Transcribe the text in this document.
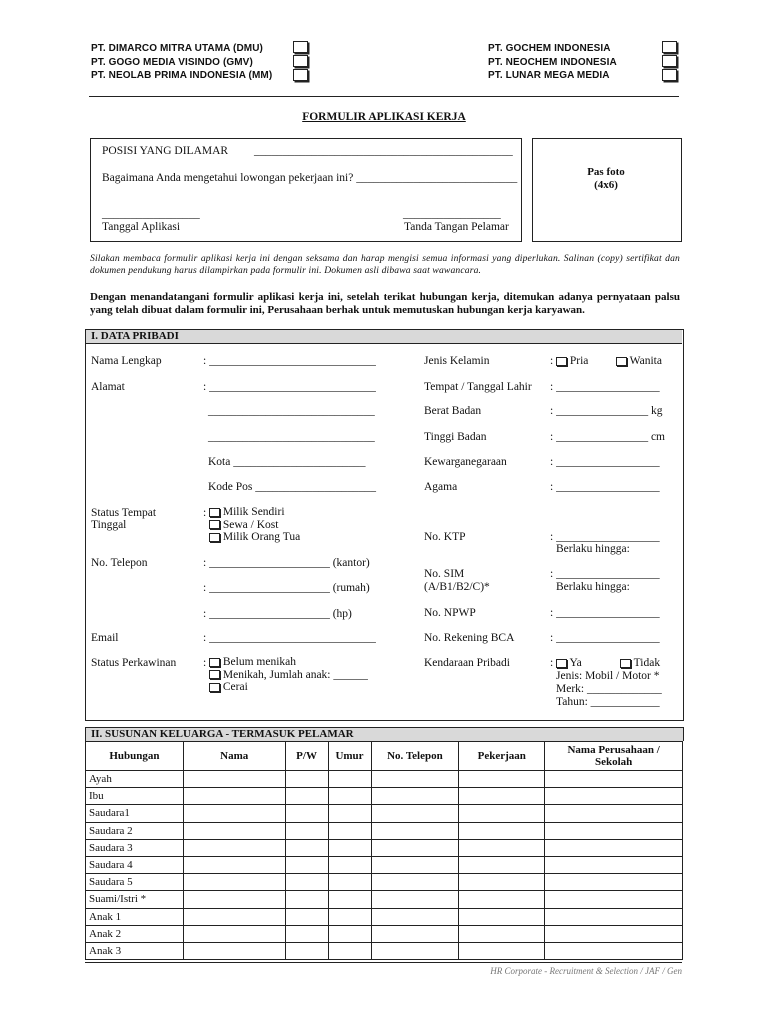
PT. DIMARCO MITRA UTAMA (DMU)
PT. GOGO MEDIA VISINDO (GMV)
PT. NEOLAB PRIMA INDONESIA (MM)
PT. GOCHEM INDONESIA
PT. NEOCHEM INDONESIA
PT. LUNAR MEGA MEDIA
FORMULIR APLIKASI KERJA
POSISI YANG DILAMAR _____________________________________________
Bagaimana Anda mengetahui lowongan pekerjaan ini? ____________________________
_________________
Tanggal Aplikasi
_________________
Tanda Tangan Pelamar
Pas foto
(4x6)
Silakan membaca formulir aplikasi kerja ini dengan seksama dan harap mengisi semua informasi yang diperlukan. Salinan (copy) sertifikat dan dokumen pendukung harus dilampirkan pada formulir ini. Dokumen asli dibawa saat wawancara.
Dengan menandatangani formulir aplikasi kerja ini, setelah terikat hubungan kerja, ditemukan adanya pernyataan palsu yang telah dibuat dalam formulir ini, Perusahaan berhak untuk memutuskan hubungan kerja karyawan.
I. DATA PRIBADI
Nama Lengkap	: _____________________________
Alamat	: _____________________________
_____________________________
_____________________________
Kota _______________________
Kode Pos _____________________
Status Tempat
Tinggal
:	Milik Sendiri
Sewa / Kost
Milik Orang Tua
No. Telepon	: _____________________ (kantor)
: _____________________ (rumah)
: _____________________ (hp)
Email	: _____________________________
Status Perkawinan :	Belum menikah
Menikah, Jumlah anak: ______
Cerai
Jenis Kelamin	:	Pria	Wanita
Tempat / Tanggal Lahir : __________________
Berat Badan	: ________________ kg
Tinggi Badan	: ________________ cm
Kewarganegaraan	: __________________
Agama	: __________________
No. KTP	: __________________
Berlaku hingga:
No. SIM
(A/B1/B2/C)*
: __________________
Berlaku hingga:
No. NPWP	: __________________
No. Rekening BCA	: __________________
Kendaraan Pribadi	:	Ya	Tidak
Jenis: Mobil / Motor *
Merk: _____________
Tahun: ____________
II. SUSUNAN KELUARGA - TERMASUK PELAMAR
Hubungan	Nama	P/W	Umur	No. Telepon	Pekerjaan	Nama Perusahaan / Sekolah
Ayah						
Ibu						
Saudara1						
Saudara 2						
Saudara 3						
Saudara 4						
Saudara 5						
Suami/Istri *						
Anak 1						
Anak 2						
Anak 3						
HR Corporate - Recruitment & Selection / JAF / Gen
